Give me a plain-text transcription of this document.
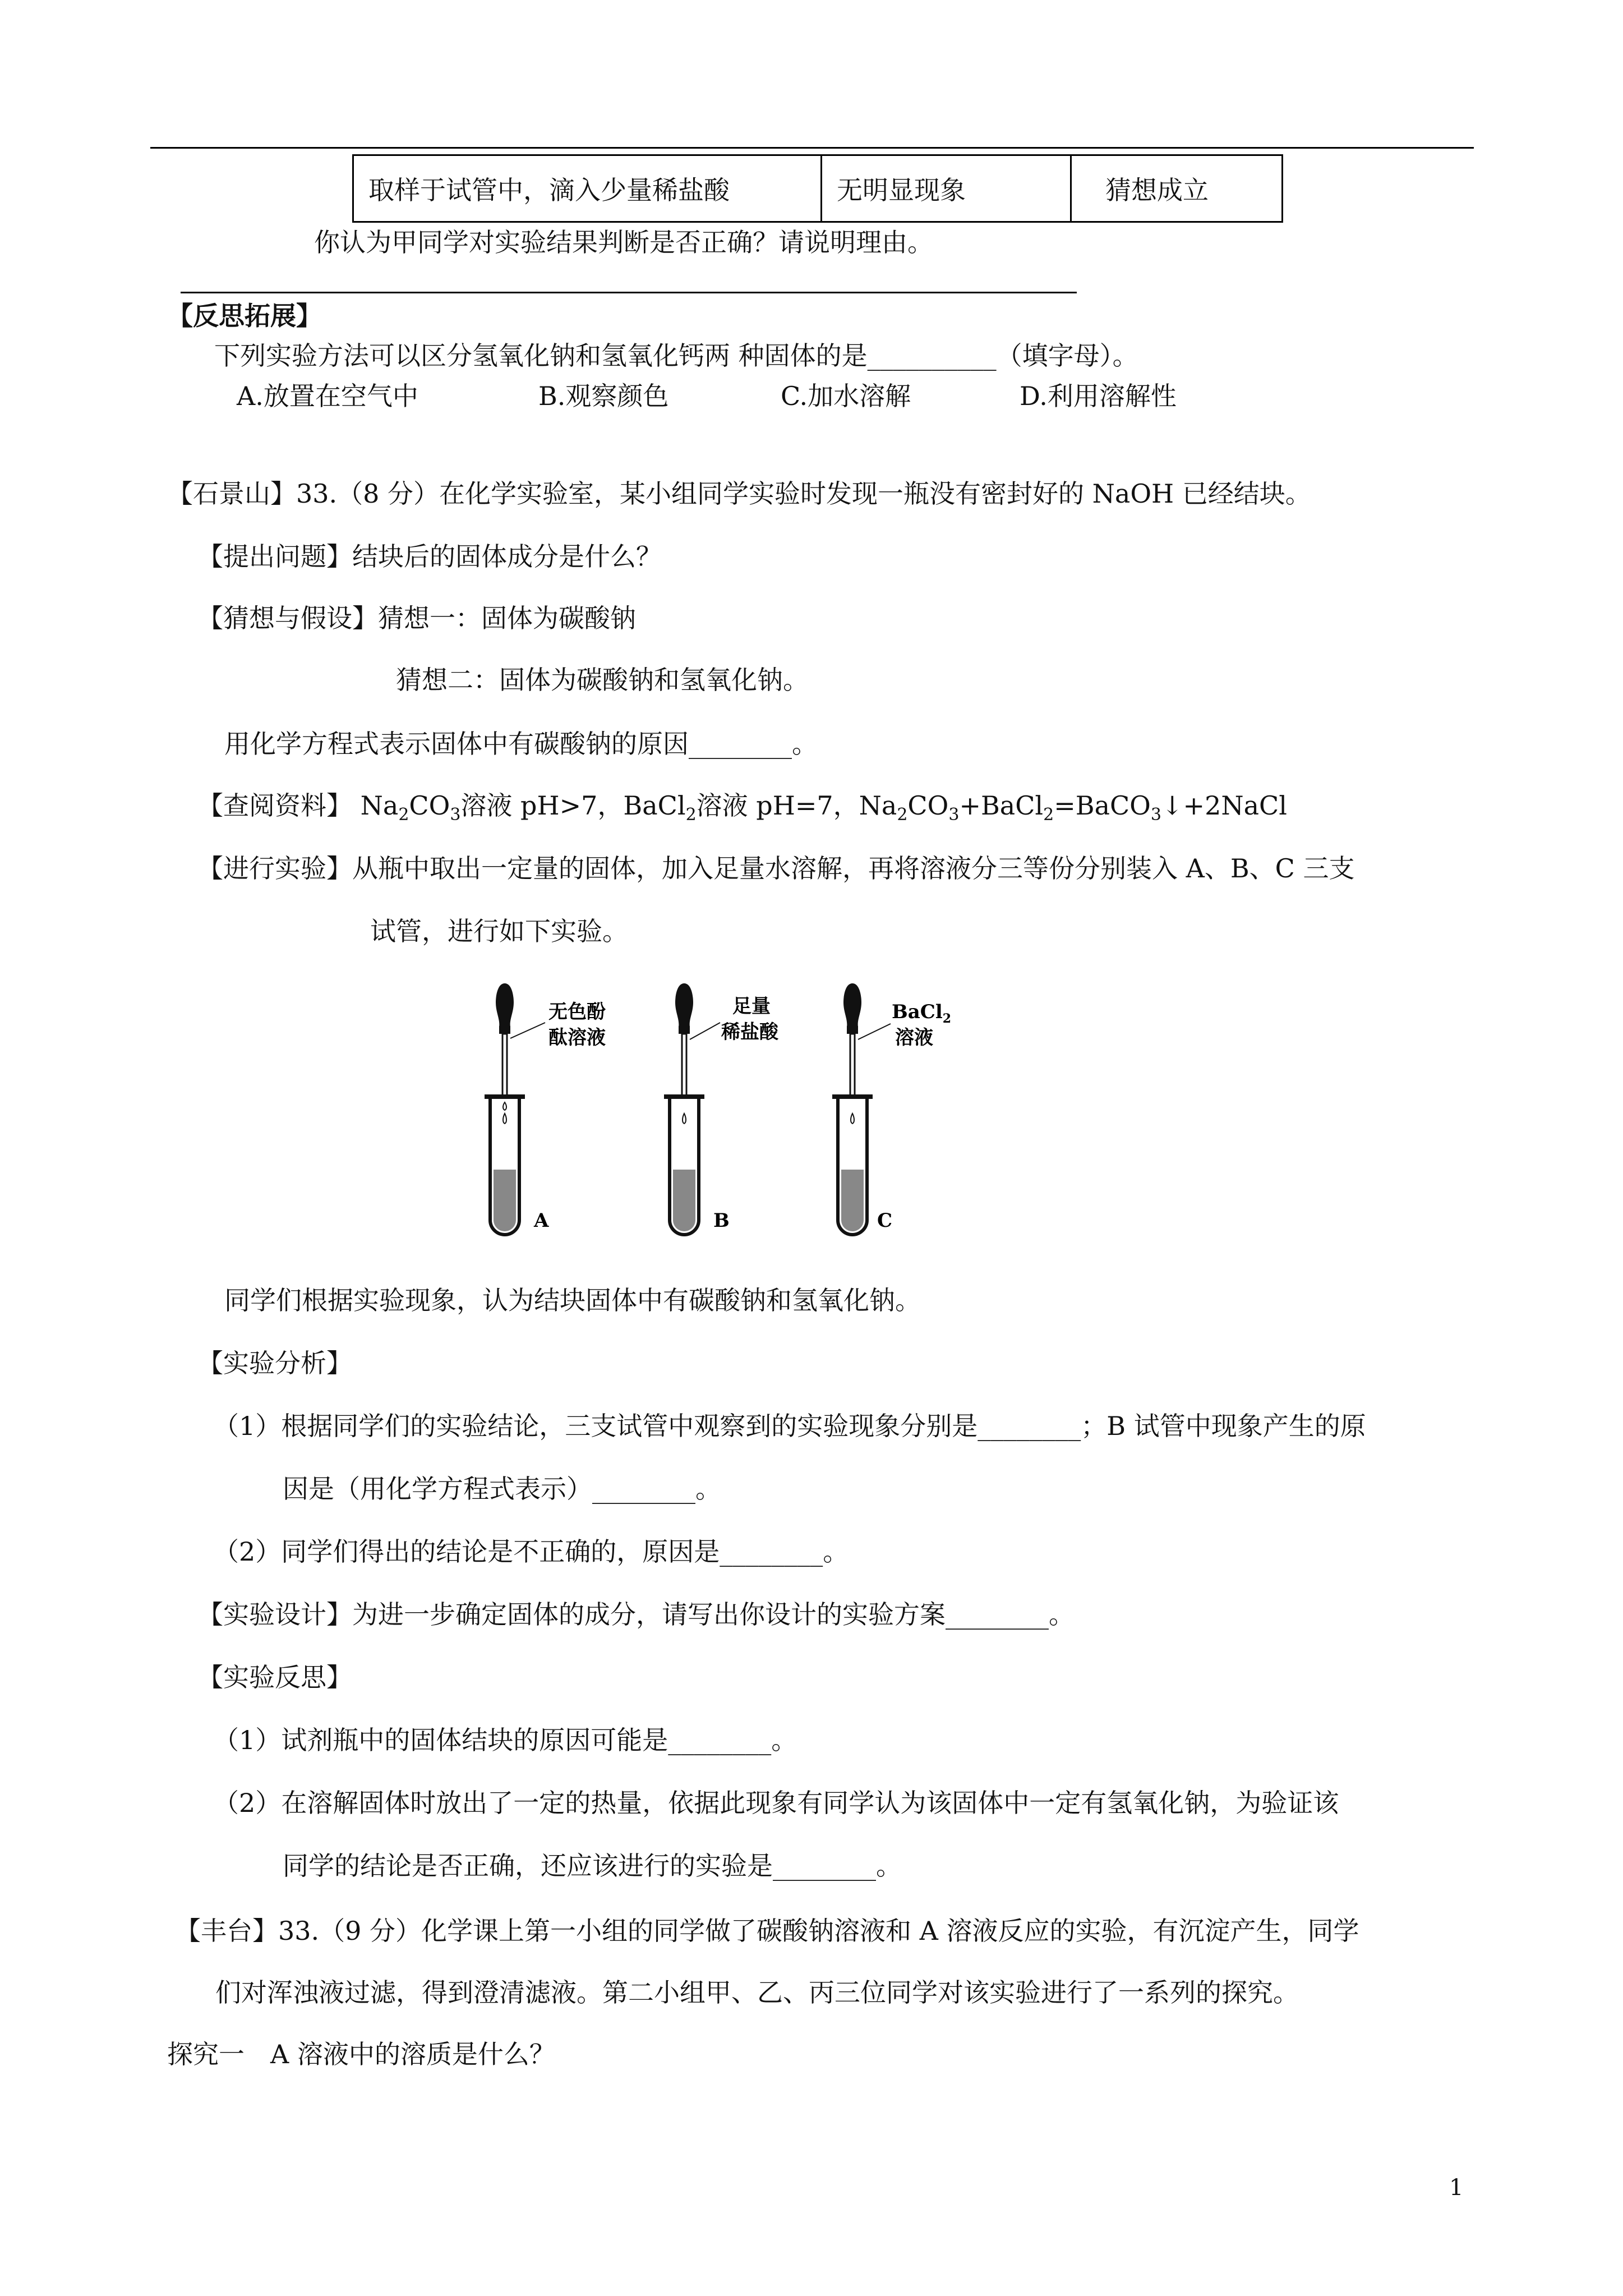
取样于试管中，滴入少量稀盐酸	无明显现象	猜想成立
你认为甲同学对实验结果判断是否正确？请说明理由。
【反思拓展】
下列实验方法可以区分氢氧化钠和氢氧化钙两 种固体的是__________（填字母）。
A.放置在空气中	B.观察颜色	C.加水溶解	D.利用溶解性
【石景山】33.（8 分）在化学实验室，某小组同学实验时发现一瓶没有密封好的 NaOH 已经结块。
【提出问题】结块后的固体成分是什么？
【猜想与假设】猜想一：固体为碳酸钠
猜想二：固体为碳酸钠和氢氧化钠。
用化学方程式表示固体中有碳酸钠的原因________。
【查阅资料】 $Na_2CO_3$溶液 pH>7，BaCl$_2$溶液 pH=7，$Na_2CO_3+BaCl_2=BaCO_3↓+2NaCl$
【进行实验】从瓶中取出一定量的固体，加入足量水溶解，再将溶液分三等份分别装入 A、B、C 三支
试管，进行如下实验。
无色酚
酞溶液
A
足量
稀盐酸
B
BaCl$_2$
溶液
C
同学们根据实验现象，认为结块固体中有碳酸钠和氢氧化钠。
【实验分析】
（1）根据同学们的实验结论，三支试管中观察到的实验现象分别是________；B 试管中现象产生的原
因是（用化学方程式表示）________。
（2）同学们得出的结论是不正确的，原因是________。
【实验设计】为进一步确定固体的成分，请写出你设计的实验方案________。
【实验反思】
（1）试剂瓶中的固体结块的原因可能是________。
（2）在溶解固体时放出了一定的热量，依据此现象有同学认为该固体中一定有氢氧化钠，为验证该
同学的结论是否正确，还应该进行的实验是________。
【丰台】33.（9 分）化学课上第一小组的同学做了碳酸钠溶液和 A 溶液反应的实验，有沉淀产生，同学
们对浑浊液过滤，得到澄清滤液。第二小组甲、乙、丙三位同学对该实验进行了一系列的探究。
探究一　A 溶液中的溶质是什么？
1
